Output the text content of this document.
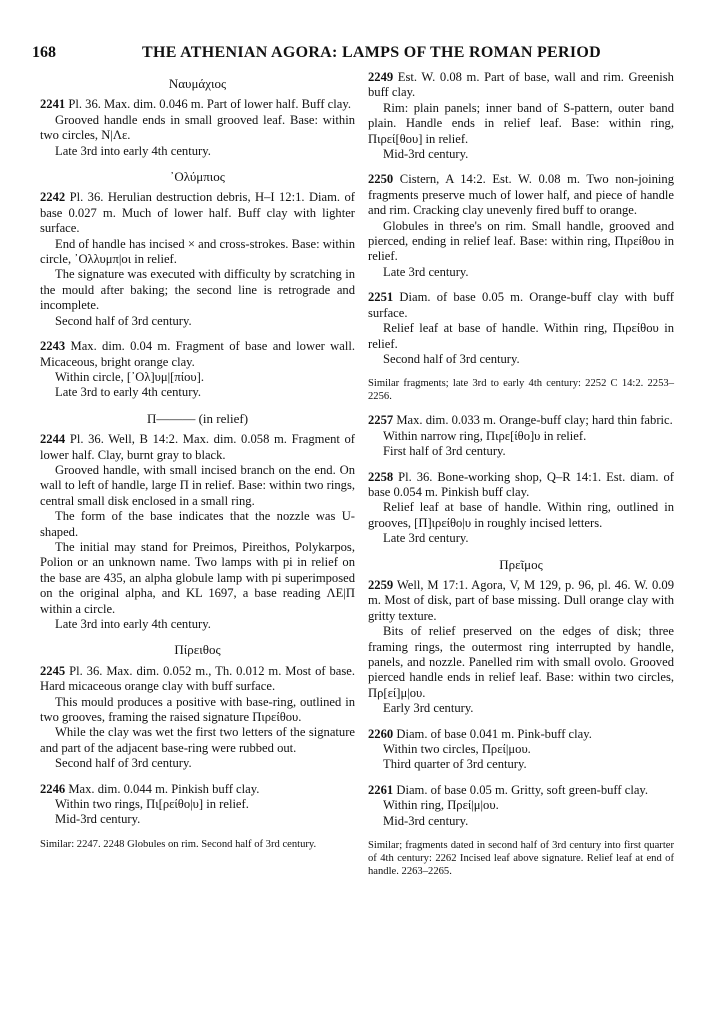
168	THE ATHENIAN AGORA: LAMPS OF THE ROMAN PERIOD
Ναυμάχιος

2241 Pl. 36. Max. dim. 0.046 m. Part of lower half. Buff clay.

Grooved handle ends in small grooved leaf. Base: within two circles, Ν|Λε.

Late 3rd into early 4th century.

᾿Ολύμπιος

2242 Pl. 36. Herulian destruction debris, H–I 12:1. Diam. of base 0.027 m. Much of lower half. Buff clay with lighter surface.

End of handle has incised × and cross-strokes. Base: within circle, ᾿Ολλυμπ|οι in relief.

The signature was executed with difficulty by scratching in the mould after baking; the second line is retrograde and incomplete.

Second half of 3rd century.

2243 Max. dim. 0.04 m. Fragment of base and lower wall. Micaceous, bright orange clay.

Within circle, [᾿Ολ]υμ|[πίου].

Late 3rd to early 4th century.

Π——— (in relief)

2244 Pl. 36. Well, B 14:2. Max. dim. 0.058 m. Fragment of lower half. Clay, burnt gray to black.

Grooved handle, with small incised branch on the end. On wall to left of handle, large Π in relief. Base: within two rings, central small disk enclosed in a small ring.

The form of the base indicates that the nozzle was U-shaped.

The initial may stand for Preimos, Pireithos, Polykarpos, Polion or an unknown name. Two lamps with pi in relief on the base are 435, an alpha globule lamp with pi superimposed on the original alpha, and KL 1697, a base reading ΛΕ|Π within a circle.

Late 3rd into early 4th century.

Πίρειθος

2245 Pl. 36. Max. dim. 0.052 m., Th. 0.012 m. Most of base. Hard micaceous orange clay with buff surface.

This mould produces a positive with base-ring, outlined in two grooves, framing the raised signature Πιρείθου.

While the clay was wet the first two letters of the signature and part of the adjacent base-ring were rubbed out.

Second half of 3rd century.

2246 Max. dim. 0.044 m. Pinkish buff clay.

Within two rings, Πι[ρείθο|υ] in relief.

Mid-3rd century.

Similar: 2247. 2248 Globules on rim. Second half of 3rd century.

2249 Est. W. 0.08 m. Part of base, wall and rim. Greenish buff clay.

Rim: plain panels; inner band of S-pattern, outer band plain. Handle ends in relief leaf. Base: within ring, Πιρεί[θου] in relief.

Mid-3rd century.

2250 Cistern, A 14:2. Est. W. 0.08 m. Two non-joining fragments preserve much of lower half, and piece of handle and rim. Cracking clay unevenly fired buff to orange.

Globules in three's on rim. Small handle, grooved and pierced, ending in relief leaf. Base: within ring, Πιρείθου in relief.

Late 3rd century.

2251 Diam. of base 0.05 m. Orange-buff clay with buff surface.

Relief leaf at base of handle. Within ring, Πιρείθου in relief.

Second half of 3rd century.

Similar fragments; late 3rd to early 4th century: 2252 C 14:2. 2253–2256.

2257 Max. dim. 0.033 m. Orange-buff clay; hard thin fabric.

Within narrow ring, Πιρε[ίθο]υ in relief.

First half of 3rd century.

2258 Pl. 36. Bone-working shop, Q–R 14:1. Est. diam. of base 0.054 m. Pinkish buff clay.

Relief leaf at base of handle. Within ring, outlined in grooves, [Π]ιρείθο|υ in roughly incised letters.

Late 3rd century.

Πρεῖμος

2259 Well, M 17:1. Agora, V, M 129, p. 96, pl. 46. W. 0.09 m. Most of disk, part of base missing. Dull orange clay with gritty texture.

Bits of relief preserved on the edges of disk; three framing rings, the outermost ring interrupted by handle, panels, and nozzle. Panelled rim with small ovolo. Grooved pierced handle ends in relief leaf. Base: within two circles, Πρ[εί]μ|ου.

Early 3rd century.

2260 Diam. of base 0.041 m. Pink-buff clay.

Within two circles, Πρεί|μου.

Third quarter of 3rd century.

2261 Diam. of base 0.05 m. Gritty, soft green-buff clay.

Within ring, Πρεί|μ|ου.

Mid-3rd century.

Similar; fragments dated in second half of 3rd century into first quarter of 4th century: 2262 Incised leaf above signature. Relief leaf at end of handle. 2263–2265.
